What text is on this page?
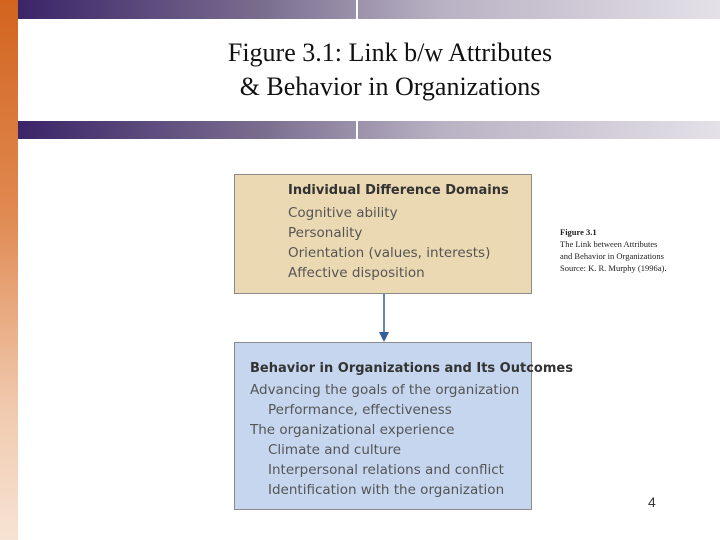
Figure 3.1: Link b/w Attributes
& Behavior in Organizations
Individual Difference Domains
Cognitive ability
Personality
Orientation (values, interests)
Affective disposition
Behavior in Organizations and Its Outcomes
Advancing the goals of the organization
Performance, effectiveness
The organizational experience
Climate and culture
Interpersonal relations and conflict
Identification with the organization
Figure 3.1
The Link between Attributes
and Behavior in Organizations
Source: K. R. Murphy (1996a).
4
